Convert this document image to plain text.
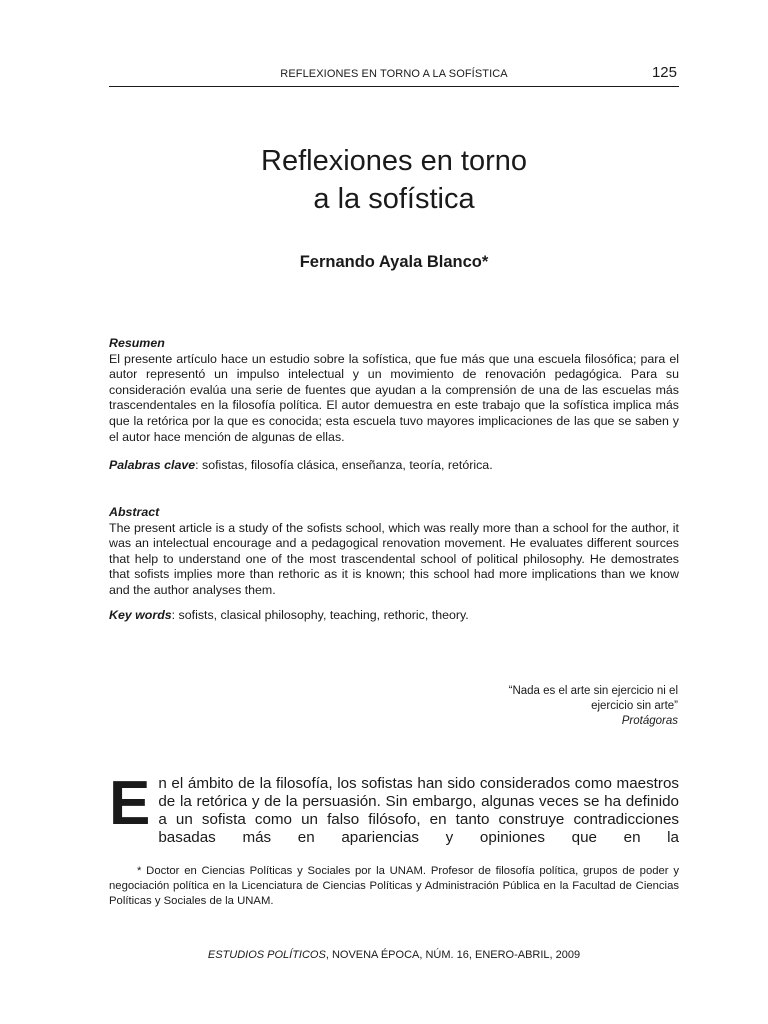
REFLEXIONES EN TORNO A LA SOFÍSTICA	125
Reflexiones en torno
a la sofística
Fernando Ayala Blanco*
Resumen
El presente artículo hace un estudio sobre la sofística, que fue más que una escuela filosófica; para el autor representó un impulso intelectual y un movimiento de renovación pedagógica. Para su consideración evalúa una serie de fuentes que ayudan a la comprensión de una de las escuelas más trascendentales en la filosofía política. El autor demuestra en este trabajo que la sofística implica más que la retórica por la que es conocida; esta escuela tuvo mayores implicaciones de las que se saben y el autor hace mención de algunas de ellas.
Palabras clave: sofistas, filosofía clásica, enseñanza, teoría, retórica.
Abstract
The present article is a study of the sofists school, which was really more than a school for the author, it was an intelectual encourage and a pedagogical renovation movement. He evaluates different sources that help to understand one of the most trascendental school of political philosophy. He demostrates that sofists implies more than rethoric as it is known; this school had more implications than we know and the author analyses them.
Key words: sofists, clasical philosophy, teaching, rethoric, theory.
“Nada es el arte sin ejercicio ni el
ejercicio sin arte”
Protágoras
En el ámbito de la filosofía, los sofistas han sido considerados como maestros de la retórica y de la persuasión. Sin embargo, algunas veces se ha definido a un sofista como un falso filósofo, en tanto construye contradicciones basadas más en apariencias y opiniones que en la
* Doctor en Ciencias Políticas y Sociales por la UNAM. Profesor de filosofía política, grupos de poder y negociación política en la Licenciatura de Ciencias Políticas y Administración Pública en la Facultad de Ciencias Políticas y Sociales de la UNAM.
ESTUDIOS POLÍTICOS, NOVENA ÉPOCA, NÚM. 16, ENERO-ABRIL, 2009
